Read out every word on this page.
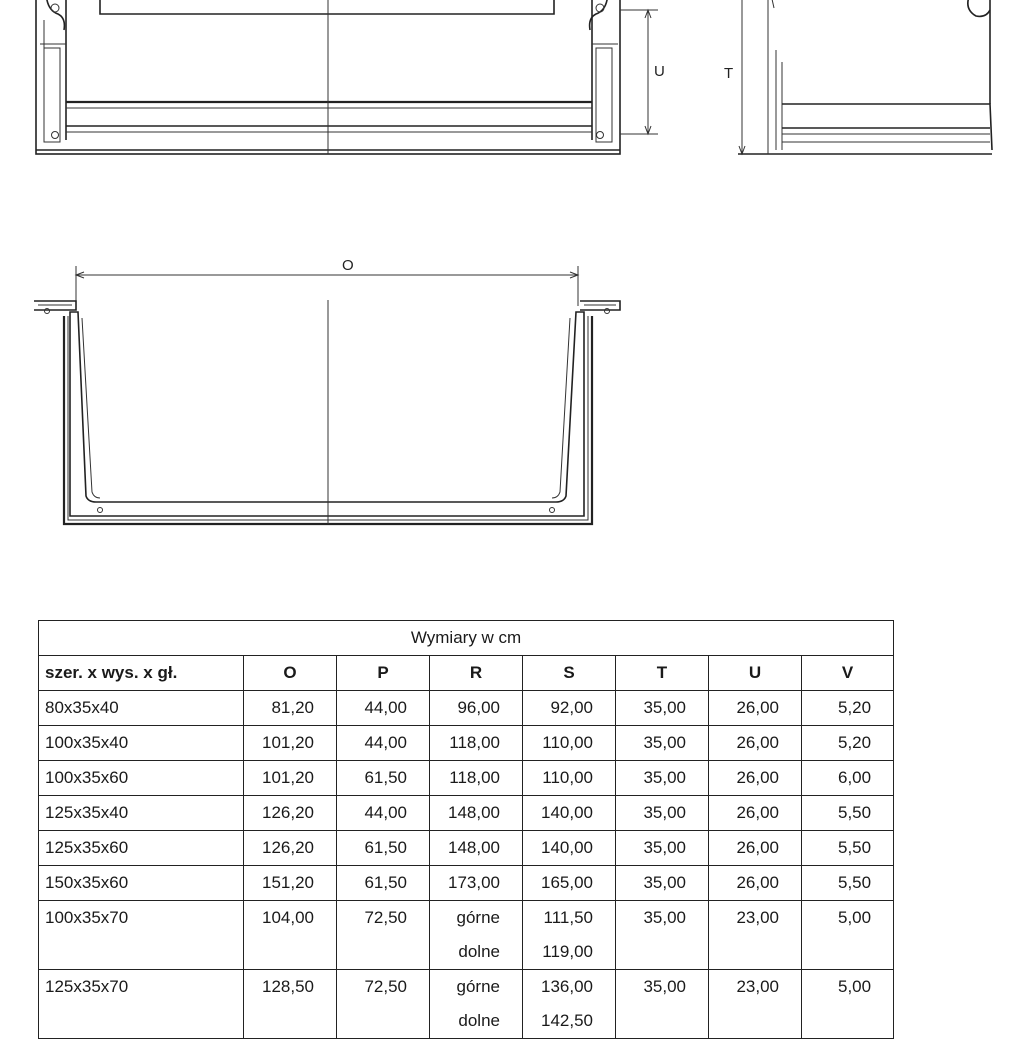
U	T
O
Wymiary w cm							
szer. x wys. x gł.	O	P	R	S	T	U	V
80x35x40	81,20	44,00	96,00	92,00	35,00	26,00	5,20
100x35x40	101,20	44,00	118,00	110,00	35,00	26,00	5,20
100x35x60	101,20	61,50	118,00	110,00	35,00	26,00	6,00
125x35x40	126,20	44,00	148,00	140,00	35,00	26,00	5,50
125x35x60	126,20	61,50	148,00	140,00	35,00	26,00	5,50
150x35x60	151,20	61,50	173,00	165,00	35,00	26,00	5,50
100x35x70	104,00	72,50	górne	111,50	35,00	23,00	5,00
			dolne	119,00			
125x35x70	128,50	72,50	górne	136,00	35,00	23,00	5,00
			dolne	142,50			
